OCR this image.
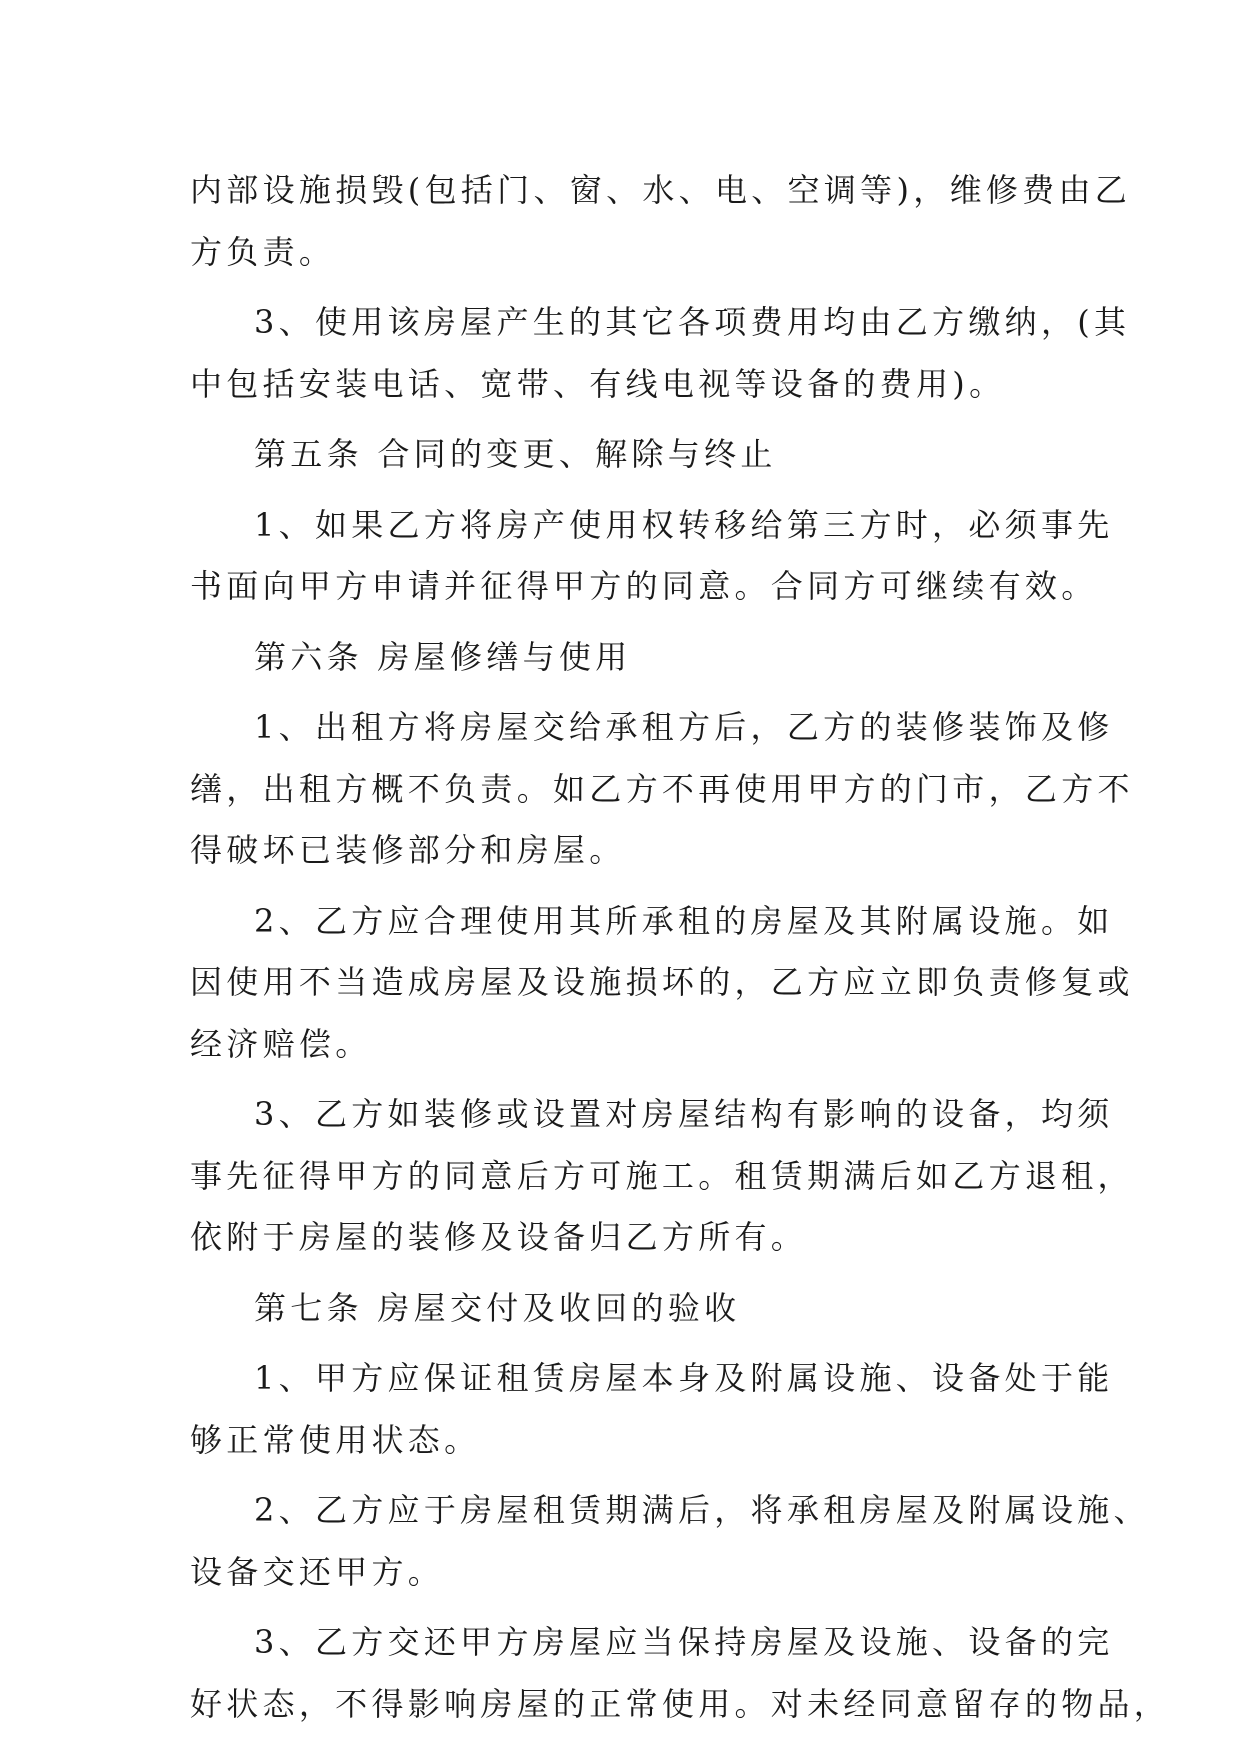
内部设施损毁(包括门、窗、水、电、空调等)，维修费由乙
方负责。
3、使用该房屋产生的其它各项费用均由乙方缴纳，(其
中包括安装电话、宽带、有线电视等设备的费用)。
第五条 合同的变更、解除与终止
1、如果乙方将房产使用权转移给第三方时，必须事先
书面向甲方申请并征得甲方的同意。合同方可继续有效。
第六条 房屋修缮与使用
1、出租方将房屋交给承租方后，乙方的装修装饰及修
缮，出租方概不负责。如乙方不再使用甲方的门市，乙方不
得破坏已装修部分和房屋。
2、乙方应合理使用其所承租的房屋及其附属设施。如
因使用不当造成房屋及设施损坏的，乙方应立即负责修复或
经济赔偿。
3、乙方如装修或设置对房屋结构有影响的设备，均须
事先征得甲方的同意后方可施工。租赁期满后如乙方退租，
依附于房屋的装修及设备归乙方所有。
第七条 房屋交付及收回的验收
1、甲方应保证租赁房屋本身及附属设施、设备处于能
够正常使用状态。
2、乙方应于房屋租赁期满后，将承租房屋及附属设施、
设备交还甲方。
3、乙方交还甲方房屋应当保持房屋及设施、设备的完
好状态，不得影响房屋的正常使用。对未经同意留存的物品，
